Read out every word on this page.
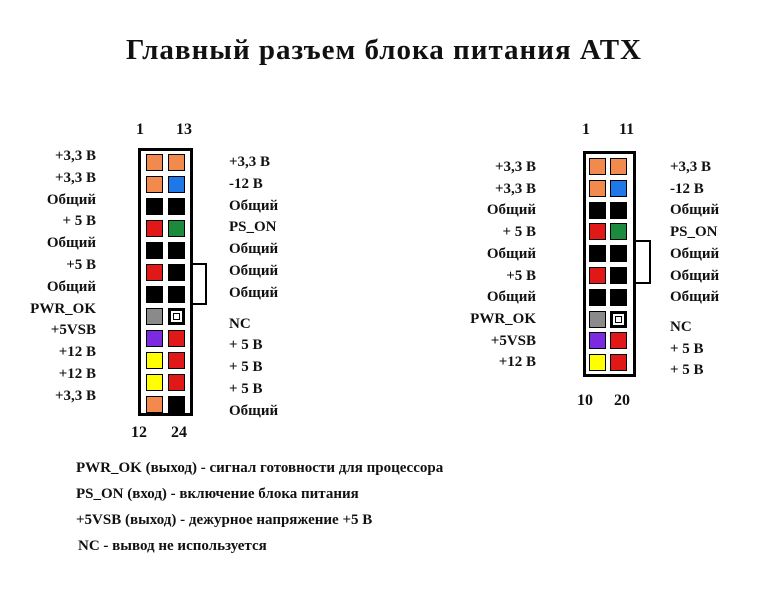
Главный разъем блока питания ATX
1 13
12 24
+3,3 В
+3,3 В
Общий
+ 5 В
Общий
+5 В
Общий
PWR_OK
+5VSB
+12 В
+12 В
+3,3 В
+3,3 В
-12 В
Общий
PS_ON
Общий
Общий
Общий
NC
+ 5 В
+ 5 В
+ 5 В
Общий
1 11
10 20
+3,3 В
+3,3 В
Общий
+ 5 В
Общий
+5 В
Общий
PWR_OK
+5VSB
+12 В
+3,3 В
-12 В
Общий
PS_ON
Общий
Общий
Общий
NC
+ 5 В
+ 5 В
PWR_OK (выход) - сигнал готовности для процессора
PS_ON (вход) - включение блока питания
+5VSB (выход) - дежурное напряжение +5 В
NC - вывод не используется
